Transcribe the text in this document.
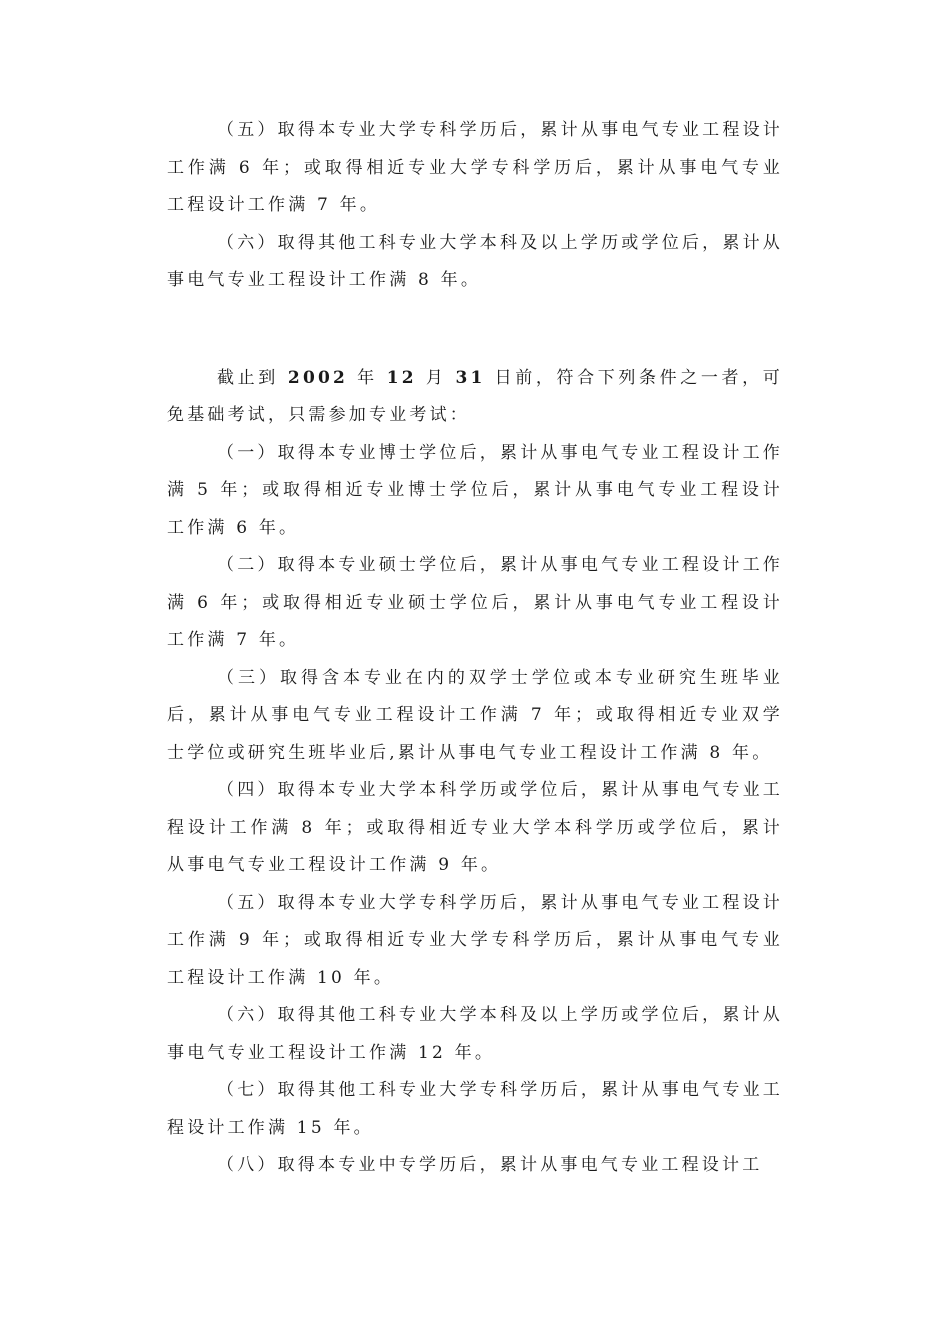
（五）取得本专业大学专科学历后，累计从事电气专业工程设计工作满 6 年；或取得相近专业大学专科学历后，累计从事电气专业工程设计工作满 7 年。

（六）取得其他工科专业大学本科及以上学历或学位后，累计从事电气专业工程设计工作满 8 年。

截止到 2002 年 12 月 31 日前，符合下列条件之一者，可免基础考试，只需参加专业考试：

（一）取得本专业博士学位后，累计从事电气专业工程设计工作满 5 年；或取得相近专业博士学位后，累计从事电气专业工程设计工作满 6 年。

（二）取得本专业硕士学位后，累计从事电气专业工程设计工作满 6 年；或取得相近专业硕士学位后，累计从事电气专业工程设计工作满 7 年。

（三）取得含本专业在内的双学士学位或本专业研究生班毕业后，累计从事电气专业工程设计工作满 7 年；或取得相近专业双学士学位或研究生班毕业后,累计从事电气专业工程设计工作满 8 年。

（四）取得本专业大学本科学历或学位后，累计从事电气专业工程设计工作满 8 年；或取得相近专业大学本科学历或学位后，累计从事电气专业工程设计工作满 9 年。

（五）取得本专业大学专科学历后，累计从事电气专业工程设计工作满 9 年；或取得相近专业大学专科学历后，累计从事电气专业工程设计工作满 10 年。

（六）取得其他工科专业大学本科及以上学历或学位后，累计从事电气专业工程设计工作满 12 年。

（七）取得其他工科专业大学专科学历后，累计从事电气专业工程设计工作满 15 年。

（八）取得本专业中专学历后，累计从事电气专业工程设计工
